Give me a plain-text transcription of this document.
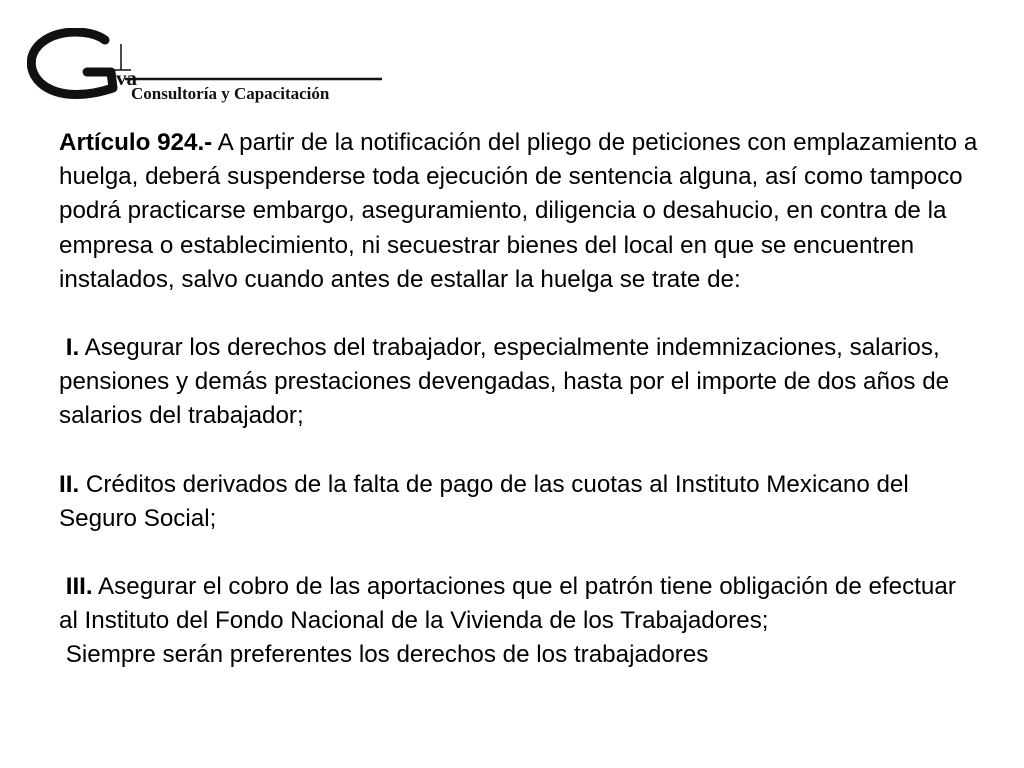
va
Consultoría y Capacitación

Artículo 924.- A partir de la notificación del pliego de peticiones con emplazamiento a huelga, deberá suspenderse toda ejecución de sentencia alguna, así como tampoco podrá practicarse embargo, aseguramiento, diligencia o desahucio, en contra de la empresa o establecimiento, ni secuestrar bienes del local en que se encuentren instalados, salvo cuando antes de estallar la huelga se trate de:

I. Asegurar los derechos del trabajador, especialmente indemnizaciones, salarios, pensiones y demás prestaciones devengadas, hasta por el importe de dos años de salarios del trabajador;

II. Créditos derivados de la falta de pago de las cuotas al Instituto Mexicano del Seguro Social;

III. Asegurar el cobro de las aportaciones que el patrón tiene obligación de efectuar al Instituto del Fondo Nacional de la Vivienda de los Trabajadores;

Siempre serán preferentes los derechos de los trabajadores
